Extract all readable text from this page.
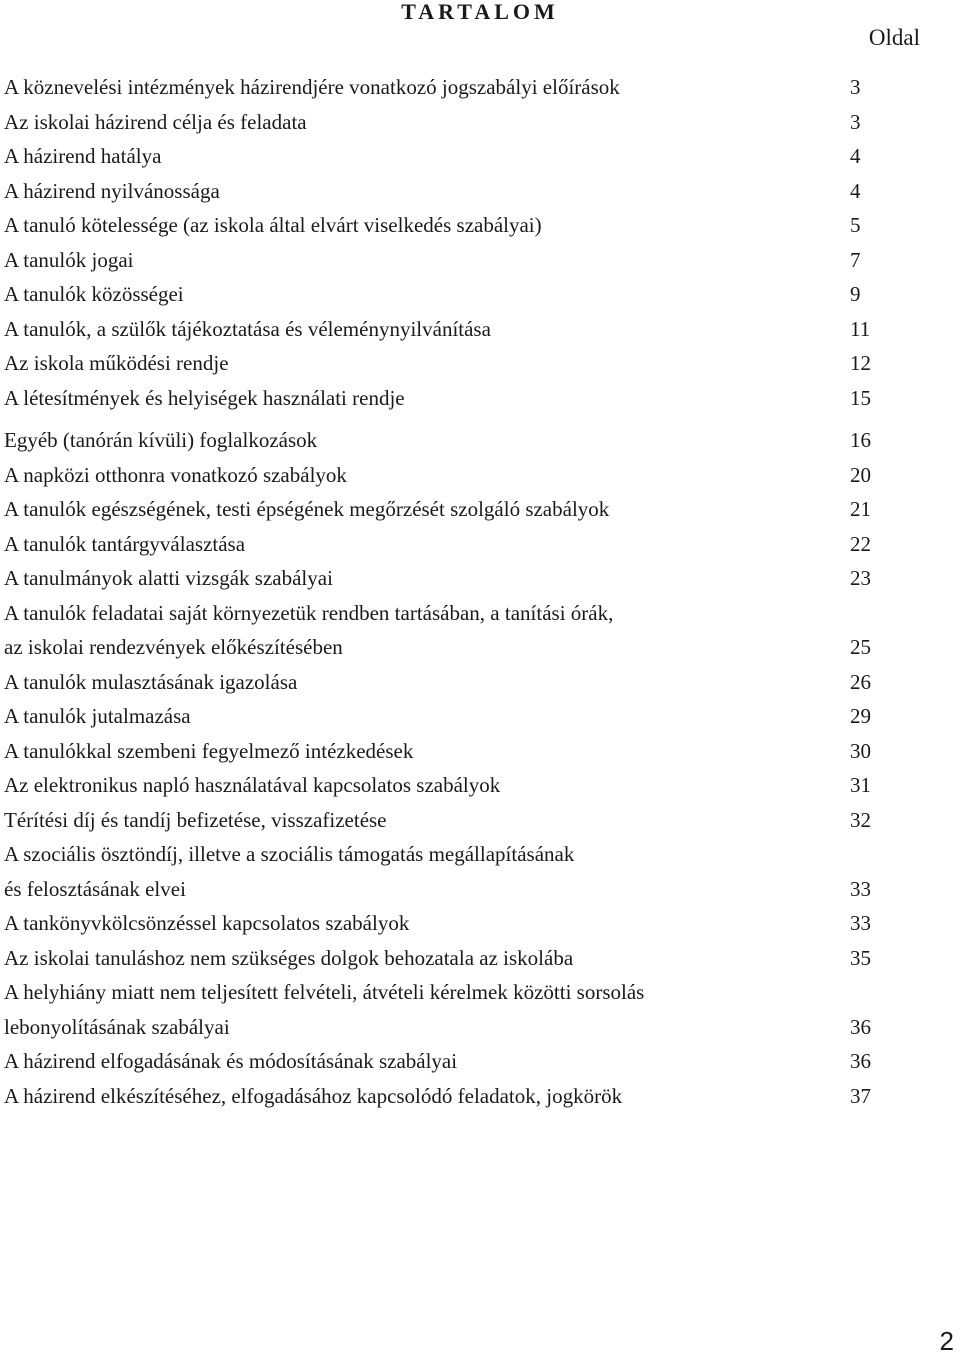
TARTALOM
Oldal
A köznevelési intézmények házirendjére vonatkozó jogszabályi előírások	3
Az iskolai házirend célja és feladata	3
A házirend hatálya	4
A házirend nyilvánossága	4
A tanuló kötelessége (az iskola által elvárt viselkedés szabályai)	5
A tanulók jogai	7
A tanulók közösségei	9
A tanulók, a szülők tájékoztatása és véleménynyilvánítása	11
Az iskola működési rendje	12
A létesítmények és helyiségek használati rendje	15
Egyéb (tanórán kívüli) foglalkozások	16
A napközi otthonra vonatkozó szabályok	20
A tanulók egészségének, testi épségének megőrzését szolgáló szabályok	21
A tanulók tantárgyválasztása	22
A tanulmányok alatti vizsgák szabályai	23
A tanulók feladatai saját környezetük rendben tartásában, a tanítási órák,
az iskolai rendezvények előkészítésében	25
A tanulók mulasztásának igazolása	26
A tanulók jutalmazása	29
A tanulókkal szembeni fegyelmező intézkedések	30
Az elektronikus napló használatával kapcsolatos szabályok	31
Térítési díj és tandíj befizetése, visszafizetése	32
A szociális ösztöndíj, illetve a szociális támogatás megállapításának
és felosztásának elvei	33
A tankönyvkölcsönzéssel kapcsolatos szabályok	33
Az iskolai tanuláshoz nem szükséges dolgok behozatala az iskolába	35
A helyhiány miatt nem teljesített felvételi, átvételi kérelmek közötti sorsolás
lebonyolításának szabályai	36
A házirend elfogadásának és módosításának szabályai	36
A házirend elkészítéséhez, elfogadásához kapcsolódó feladatok, jogkörök	37
2
